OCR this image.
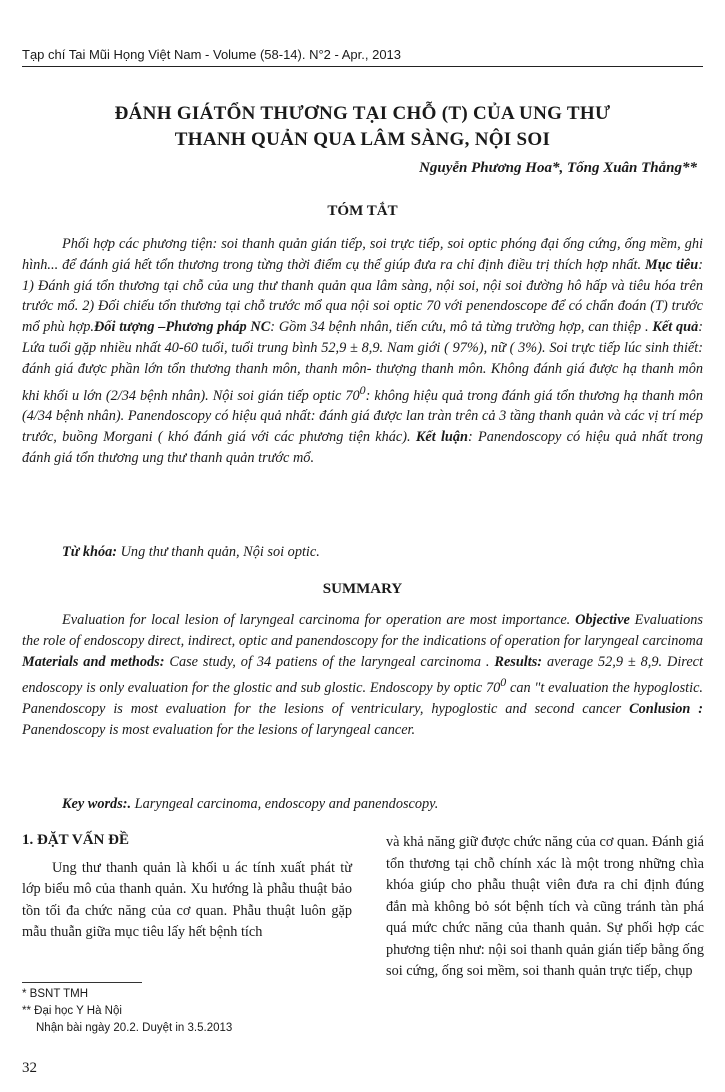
Tạp chí Tai Mũi Họng Việt Nam - Volume (58-14). N°2 - Apr., 2013
ĐÁNH GIÁTỔN THƯƠNG TẠI CHỖ (T) CỦA UNG THƯ
THANH QUẢN QUA LÂM SÀNG, NỘI SOI
Nguyễn Phương Hoa*, Tống Xuân Thắng**
TÓM TẮT

Phối hợp các phương tiện: soi thanh quản gián tiếp, soi trực tiếp, soi optic phóng đại ống cứng, ống mềm, ghi hình... để đánh giá hết tổn thương trong từng thời điểm cụ thể giúp đưa ra chỉ định điều trị thích hợp nhất. Mục tiêu: 1) Đánh giá tổn thương tại chỗ của ung thư thanh quản qua lâm sàng, nội soi, nội soi đường hô hấp và tiêu hóa trên trước mổ. 2) Đối chiếu tổn thương tại chỗ trước mổ qua nội soi optic 70 với penendoscope để có chẩn đoán (T) trước mổ phù hợp.Đối tượng –Phương pháp NC: Gồm 34 bệnh nhân, tiến cứu, mô tả từng trường hợp, can thiệp . Kết quả: Lứa tuổi gặp nhiều nhất 40-60 tuổi, tuổi trung bình 52,9 ± 8,9. Nam giới ( 97%), nữ ( 3%). Soi trực tiếp lúc sinh thiết: đánh giá được phần lớn tổn thương thanh môn, thanh môn- thượng thanh môn. Không đánh giá được hạ thanh môn khi khối u lớn (2/34 bệnh nhân). Nội soi gián tiếp optic $70^0$: không hiệu quả trong đánh giá tổn thương hạ thanh môn (4/34 bệnh nhân). Panendoscopy có hiệu quả nhất: đánh giá được lan tràn trên cả 3 tầng thanh quản và các vị trí mép trước, buồng Morgani ( khó đánh giá với các phương tiện khác). Kết luận: Panendoscopy có hiệu quả nhất trong đánh giá tổn thương ung thư thanh quản trước mổ.

Từ khóa: Ung thư thanh quản, Nội soi optic.
SUMMARY

Evaluation for local lesion of laryngeal carcinoma for operation are most importance. Objective Evaluations the role of endoscopy direct, indirect, optic and panendoscopy for the indications of operation for laryngeal carcinoma Materials and methods: Case study, of 34 patiens of the laryngeal carcinoma . Results: average 52,9 ± 8,9. Direct endoscopy is only evaluation for the glostic and sub glostic. Endoscopy by optic $70^0$ can "t evaluation the hypoglostic. Panendoscopy is most evaluation for the lesions of ventriculary, hypoglostic and second cancer Conlusion : Panendoscopy is most evaluation for the lesions of laryngeal cancer.

Key words:. Laryngeal carcinoma, endoscopy and panendoscopy.
1. ĐẶT VẤN ĐỀ

Ung thư thanh quản là khối u ác tính xuất phát từ lớp biểu mô của thanh quản. Xu hướng là phẫu thuật bảo tồn tối đa chức năng của cơ quan. Phẫu thuật luôn gặp mẫu thuẫn giữa mục tiêu lấy hết bệnh tích

và khả năng giữ được chức năng của cơ quan. Đánh giá tổn thương tại chỗ chính xác là một trong những chìa khóa giúp cho phẫu thuật viên đưa ra chỉ định đúng đắn mà không bỏ sót bệnh tích và cũng tránh tàn phá quá mức chức năng của thanh quản. Sự phối hợp các phương tiện như: nội soi thanh quản gián tiếp bằng ống soi cứng, ống soi mềm, soi thanh quản trực tiếp, chụp

* BSNT TMH
** Đại học Y Hà Nội
Nhận bài ngày 20.2. Duyệt in 3.5.2013
32
